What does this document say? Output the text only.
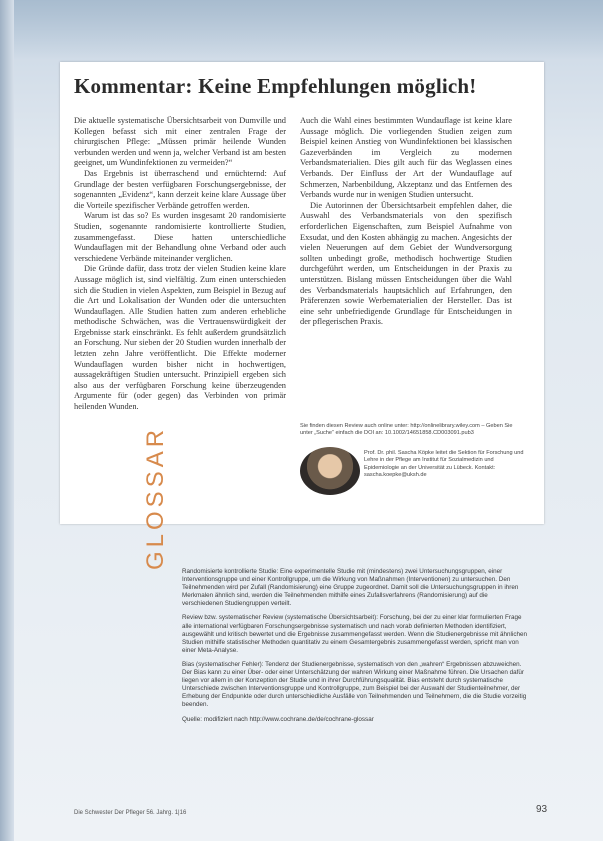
Kommentar: Keine Empfehlungen möglich!

Die aktuelle systematische Übersichtsarbeit von Dumville und Kollegen befasst sich mit einer zentralen Frage der chirurgischen Pflege: „Müssen primär heilende Wunden verbunden werden und wenn ja, welcher Verband ist am besten geeignet, um Wundinfektionen zu vermeiden?“

Das Ergebnis ist überraschend und ernüchternd: Auf Grundlage der besten verfügbaren Forschungsergebnisse, der sogenannten „Evidenz“, kann derzeit keine klare Aussage über die Vorteile spezifischer Verbände getroffen werden.

Warum ist das so? Es wurden insgesamt 20 randomisierte Studien, sogenannte randomisierte kontrollierte Studien, zusammengefasst. Diese hatten unterschiedliche Wundauflagen mit der Behandlung ohne Verband oder auch verschiedene Verbände miteinander verglichen.

Die Gründe dafür, dass trotz der vielen Studien keine klare Aussage möglich ist, sind vielfältig. Zum einen unterschieden sich die Studien in vielen Aspekten, zum Beispiel in Bezug auf die Art und Lokalisation der Wunden oder die untersuchten Wundauflagen. Alle Studien hatten zum anderen erhebliche methodische Schwächen, was die Vertrauenswürdigkeit der Ergebnisse stark einschränkt. Es fehlt außerdem grundsätzlich an Forschung. Nur sieben der 20 Studien wurden innerhalb der letzten zehn Jahre veröffentlicht. Die Effekte moderner Wundauflagen wurden bisher nicht in hochwertigen, aussagekräftigen Studien untersucht. Prinzipiell ergeben sich also aus der verfügbaren Forschung keine überzeugenden Argumente für (oder gegen) das Verbinden von primär heilenden Wunden.

Auch die Wahl eines bestimmten Wundauflage ist keine klare Aussage möglich. Die vorliegenden Studien zeigen zum Beispiel keinen Anstieg von Wundinfektionen bei klassischen Gazeverbänden im Vergleich zu modernen Verbandsmaterialien. Dies gilt auch für das Weglassen eines Verbands. Der Einfluss der Art der Wundauflage auf Schmerzen, Narbenbildung, Akzeptanz und das Entfernen des Verbands wurde nur in wenigen Studien untersucht.

Die Autorinnen der Übersichtsarbeit empfehlen daher, die Auswahl des Verbandsmaterials von den spezifisch erforderlichen Eigenschaften, zum Beispiel Aufnahme von Exsudat, und den Kosten abhängig zu machen. Angesichts der vielen Neuerungen auf dem Gebiet der Wundversorgung sollten unbedingt große, methodisch hochwertige Studien durchgeführt werden, um Entscheidungen in der Praxis zu unterstützen. Bislang müssen Entscheidungen über die Wahl des Verbandsmaterials hauptsächlich auf Erfahrungen, den Präferenzen sowie Werbematerialien der Hersteller. Das ist eine sehr unbefriedigende Grundlage für Entscheidungen in der pflegerischen Praxis.

Sie finden diesen Review auch online unter: http://onlinelibrary.wiley.com – Geben Sie unter „Suche“ einfach die DOI an: 10.1002/14651858.CD003091.pub3
Prof. Dr. phil. Sascha Köpke leitet die Sektion für Forschung und Lehre in der Pflege am Institut für Sozialmedizin und Epidemiologie an der Universität zu Lübeck. Kontakt: sascha.koepke@uksh.de
GLOSSAR

Randomisierte kontrollierte Studie: Eine experimentelle Studie mit (mindestens) zwei Untersuchungsgruppen, einer Interventionsgruppe und einer Kontrollgruppe, um die Wirkung von Maßnahmen (Interventionen) zu untersuchen. Den Teilnehmenden wird per Zufall (Randomisierung) eine Gruppe zugeordnet. Damit soll die Untersuchungsgruppen in ihren Merkmalen ähnlich sind, werden die Teilnehmenden mithilfe eines Zufallsverfahrens (Randomisierung) auf die verschiedenen Studiengruppen verteilt.

Review bzw. systematischer Review (systematische Übersichtsarbeit): Forschung, bei der zu einer klar formulierten Frage alle international verfügbaren Forschungsergebnisse systematisch und nach vorab definierten Methoden identifiziert, ausgewählt und kritisch bewertet und die Ergebnisse zusammengefasst werden. Wenn die Studienergebnisse mit ähnlichen Studien mithilfe statistischer Methoden quantitativ zu einem Gesamtergebnis zusammengefasst werden, spricht man von einer Meta-Analyse.

Bias (systematischer Fehler): Tendenz der Studienergebnisse, systematisch von den „wahren“ Ergebnissen abzuweichen. Der Bias kann zu einer Über- oder einer Unterschätzung der wahren Wirkung einer Maßnahme führen. Die Ursachen dafür liegen vor allem in der Konzeption der Studie und in ihrer Durchführungsqualität. Bias entsteht durch systematische Unterschiede zwischen Interventionsgruppe und Kontrollgruppe, zum Beispiel bei der Auswahl der Studienteilnehmer, der Erhebung der Endpunkte oder durch unterschiedliche Ausfälle von Teilnehmenden und Teilnehmern, die die Studie vorzeitig beenden.

Quelle: modifiziert nach http://www.cochrane.de/de/cochrane-glossar

Die Schwester Der Pfleger 56. Jahrg. 1|16	93
